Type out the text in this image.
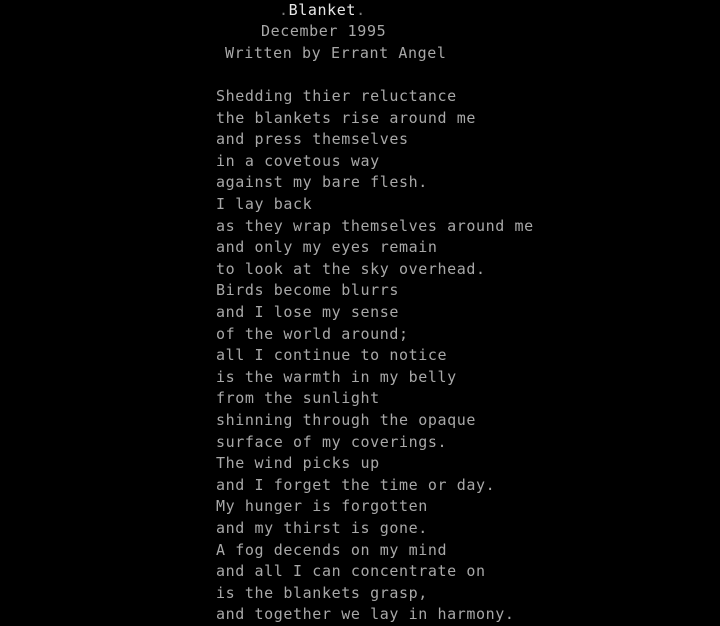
.Blanket.
December 1995
Written by Errant Angel
Shedding thier reluctance
the blankets rise around me
and press themselves
in a covetous way
against my bare flesh.
I lay back
as they wrap themselves around me
and only my eyes remain
to look at the sky overhead.
Birds become blurrs
and I lose my sense
of the world around;
all I continue to notice
is the warmth in my belly
from the sunlight
shinning through the opaque
surface of my coverings.
The wind picks up
and I forget the time or day.
My hunger is forgotten
and my thirst is gone.
A fog decends on my mind
and all I can concentrate on
is the blankets grasp,
and together we lay in harmony.
